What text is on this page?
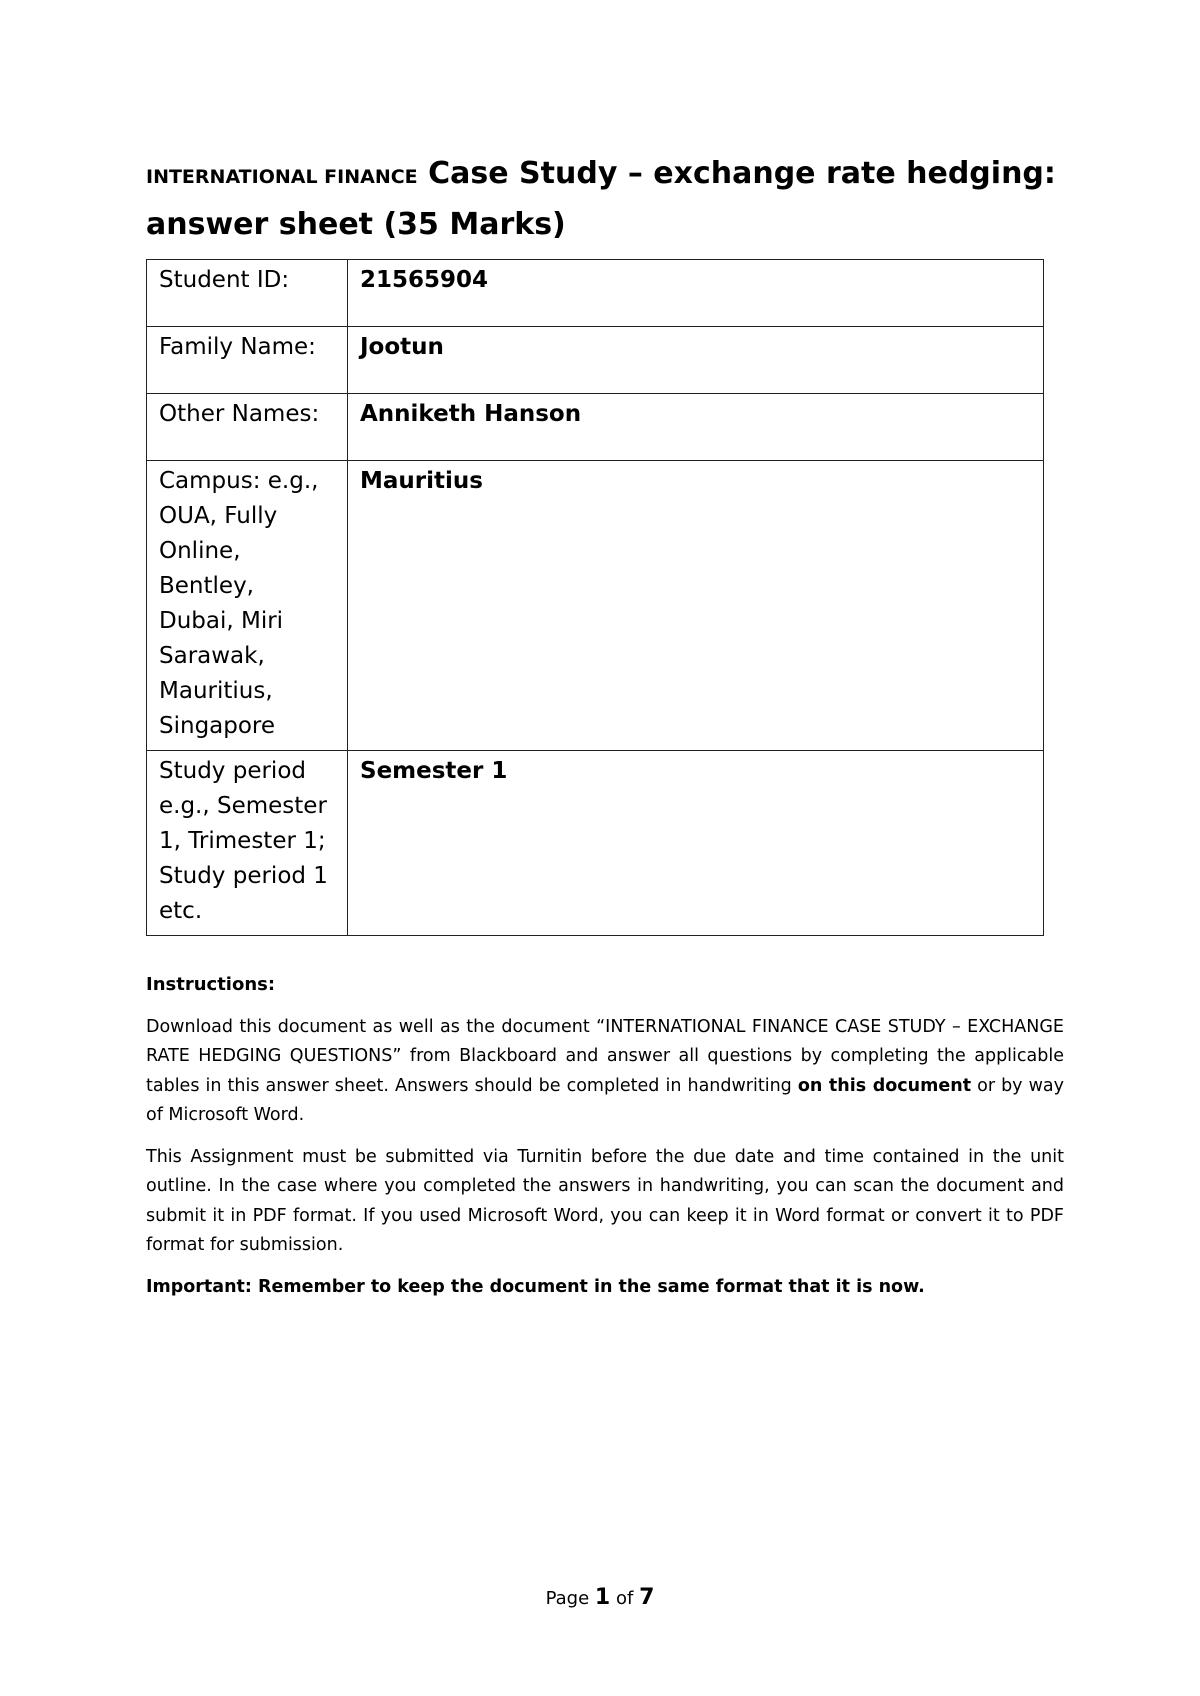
INTERNATIONAL FINANCE Case Study – exchange rate hedging:
answer sheet (35 Marks)
Student ID:	21565904
Family Name:	Jootun
Other Names:	Anniketh Hanson
Campus: e.g., OUA, Fully Online, Bentley, Dubai, Miri Sarawak, Mauritius, Singapore	Mauritius
Study period e.g., Semester 1, Trimester 1; Study period 1 etc.	Semester 1

Instructions:

Download this document as well as the document “INTERNATIONAL FINANCE CASE STUDY – EXCHANGE RATE HEDGING QUESTIONS” from Blackboard and answer all questions by completing the applicable tables in this answer sheet. Answers should be completed in handwriting on this document or by way of Microsoft Word.

This Assignment must be submitted via Turnitin before the due date and time contained in the unit outline. In the case where you completed the answers in handwriting, you can scan the document and submit it in PDF format. If you used Microsoft Word, you can keep it in Word format or convert it to PDF format for submission.

Important: Remember to keep the document in the same format that it is now.

Page 1 of 7
